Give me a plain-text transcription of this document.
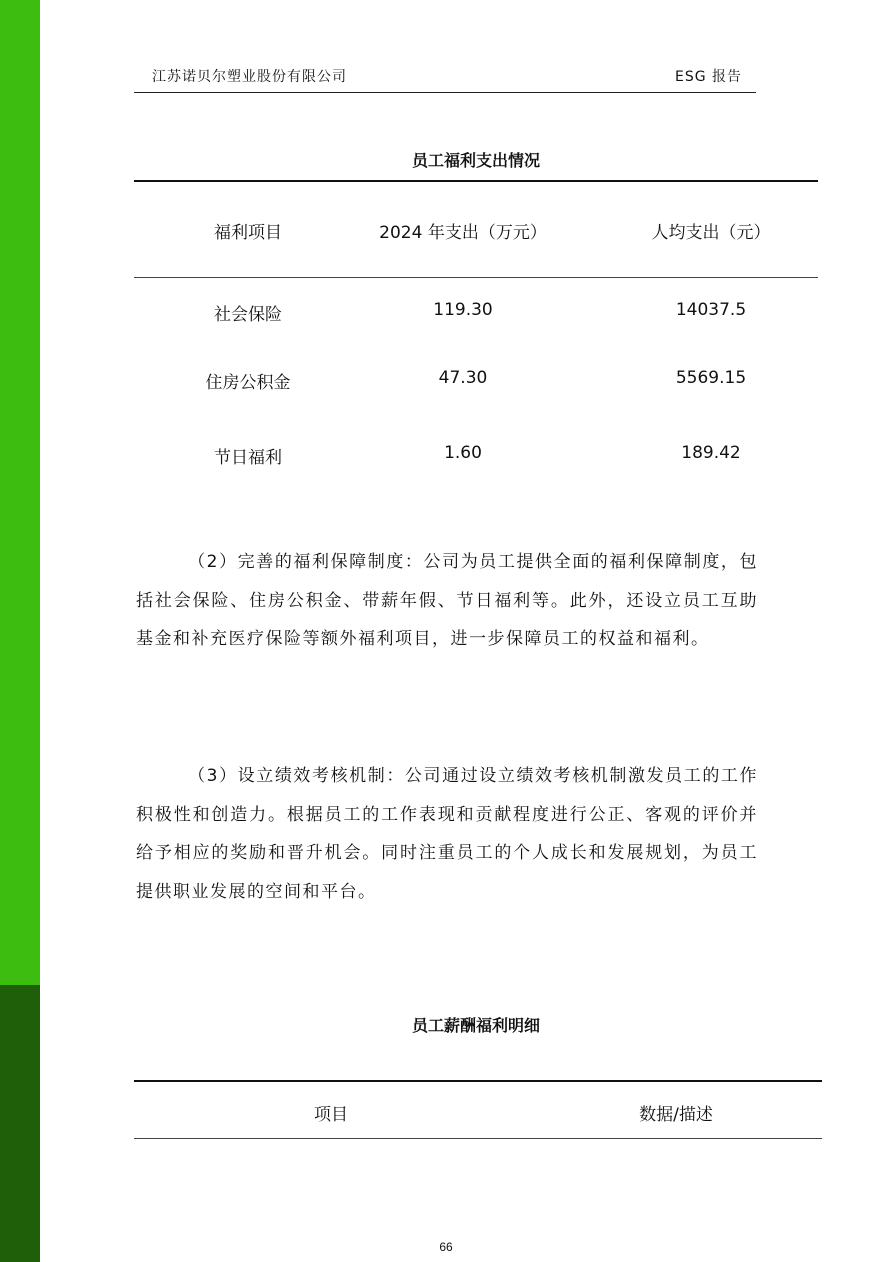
江苏诺贝尔塑业股份有限公司	ESG 报告
员工福利支出情况
福利项目	2024 年支出（万元）	人均支出（元）
社会保险	119.30	14037.5
住房公积金	47.30	5569.15
节日福利	1.60	189.42
（2）完善的福利保障制度：公司为员工提供全面的福利保障制度，包括社会保险、住房公积金、带薪年假、节日福利等。此外，还设立员工互助基金和补充医疗保险等额外福利项目，进一步保障员工的权益和福利。
（3）设立绩效考核机制：公司通过设立绩效考核机制激发员工的工作积极性和创造力。根据员工的工作表现和贡献程度进行公正、客观的评价并给予相应的奖励和晋升机会。同时注重员工的个人成长和发展规划，为员工提供职业发展的空间和平台。
员工薪酬福利明细
项目	数据/描述
66
